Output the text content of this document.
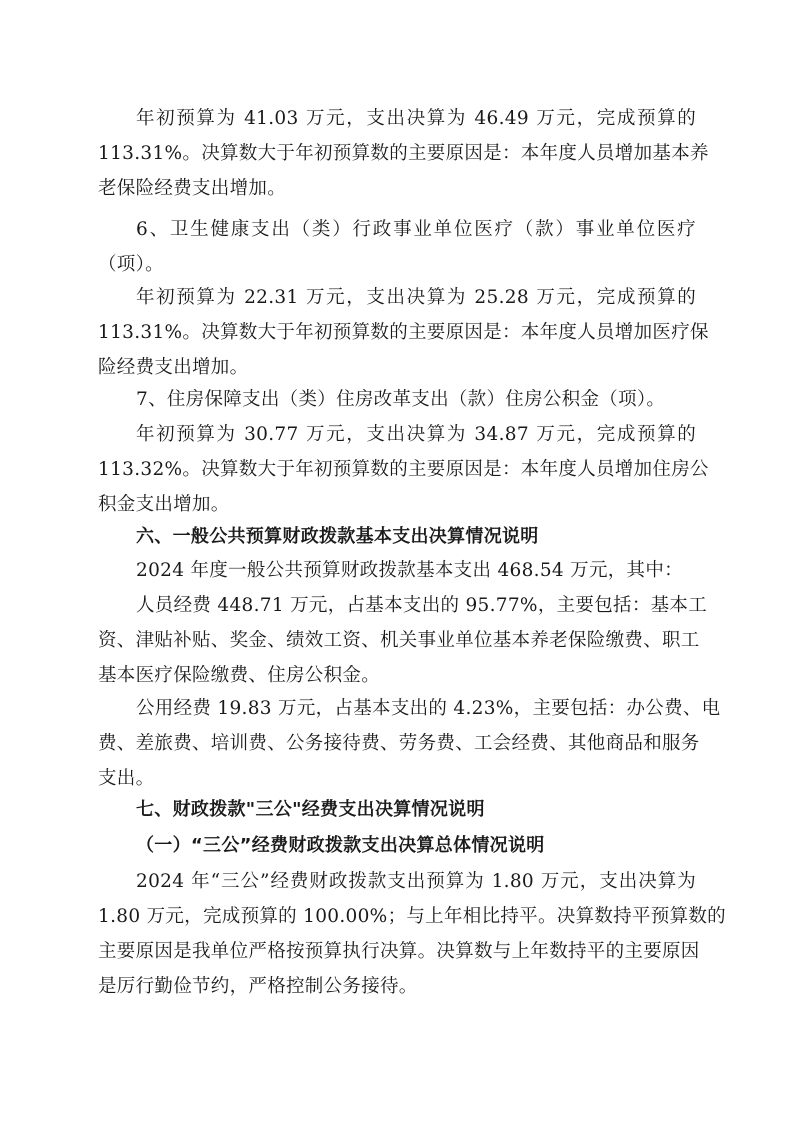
年初预算为 41.03 万元，支出决算为 46.49 万元，完成预算的
113.31%。决算数大于年初预算数的主要原因是：本年度人员增加基本养
老保险经费支出增加。
6、卫生健康支出（类）行政事业单位医疗（款）事业单位医疗
（项）。
年初预算为 22.31 万元，支出决算为 25.28 万元，完成预算的
113.31%。决算数大于年初预算数的主要原因是：本年度人员增加医疗保
险经费支出增加。
7、住房保障支出（类）住房改革支出（款）住房公积金（项）。
年初预算为 30.77 万元，支出决算为 34.87 万元，完成预算的
113.32%。决算数大于年初预算数的主要原因是：本年度人员增加住房公
积金支出增加。
六、一般公共预算财政拨款基本支出决算情况说明
2024 年度一般公共预算财政拨款基本支出 468.54 万元，其中：
人员经费 448.71 万元，占基本支出的 95.77%，主要包括：基本工
资、津贴补贴、奖金、绩效工资、机关事业单位基本养老保险缴费、职工
基本医疗保险缴费、住房公积金。
公用经费 19.83 万元，占基本支出的 4.23%，主要包括：办公费、电
费、差旅费、培训费、公务接待费、劳务费、工会经费、其他商品和服务
支出。
七、财政拨款"三公"经费支出决算情况说明
（一）“三公”经费财政拨款支出决算总体情况说明
2024 年“三公”经费财政拨款支出预算为 1.80 万元，支出决算为
1.80 万元，完成预算的 100.00%；与上年相比持平。决算数持平预算数的
主要原因是我单位严格按预算执行决算。决算数与上年数持平的主要原因
是厉行勤俭节约，严格控制公务接待。
